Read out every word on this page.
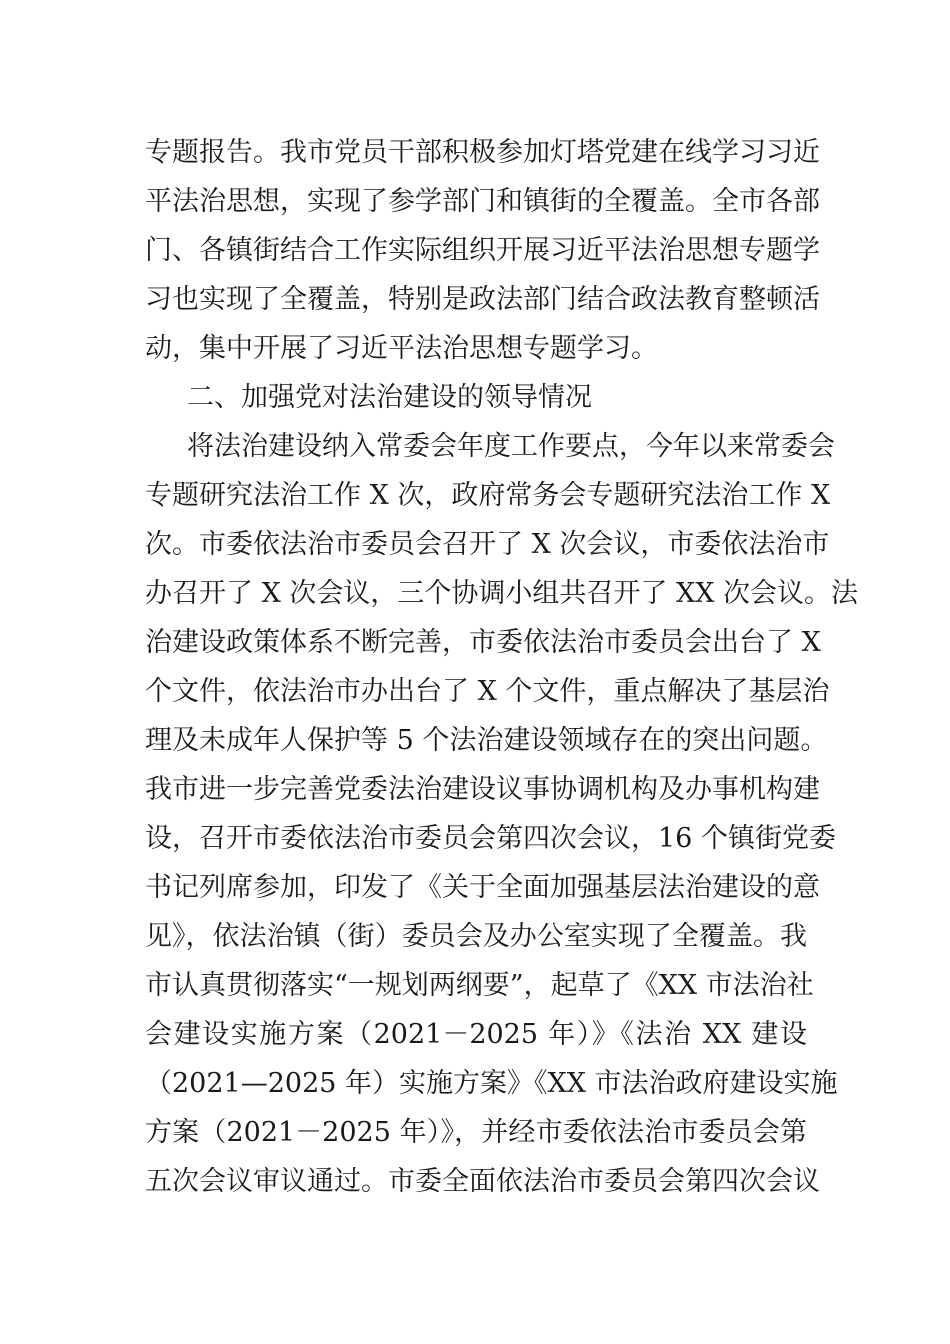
专题报告。我市党员干部积极参加灯塔党建在线学习习近
平法治思想，实现了参学部门和镇街的全覆盖。全市各部
门、各镇街结合工作实际组织开展习近平法治思想专题学
习也实现了全覆盖，特别是政法部门结合政法教育整顿活
动，集中开展了习近平法治思想专题学习。
二、加强党对法治建设的领导情况
将法治建设纳入常委会年度工作要点，今年以来常委会
专题研究法治工作 X 次，政府常务会专题研究法治工作 X
次。市委依法治市委员会召开了 X 次会议，市委依法治市
办召开了 X 次会议，三个协调小组共召开了 XX 次会议。法
治建设政策体系不断完善，市委依法治市委员会出台了 X
个文件，依法治市办出台了 X 个文件，重点解决了基层治
理及未成年人保护等 5 个法治建设领域存在的突出问题。
我市进一步完善党委法治建设议事协调机构及办事机构建
设，召开市委依法治市委员会第四次会议，16 个镇街党委
书记列席参加，印发了《关于全面加强基层法治建设的意
见》，依法治镇（街）委员会及办公室实现了全覆盖。我
市认真贯彻落实“一规划两纲要”，起草了《XX 市法治社
会建设实施方案（2021－2025 年）》《法治 XX 建设
（2021—2025 年）实施方案》《XX 市法治政府建设实施
方案（2021－2025 年）》，并经市委依法治市委员会第
五次会议审议通过。市委全面依法治市委员会第四次会议
